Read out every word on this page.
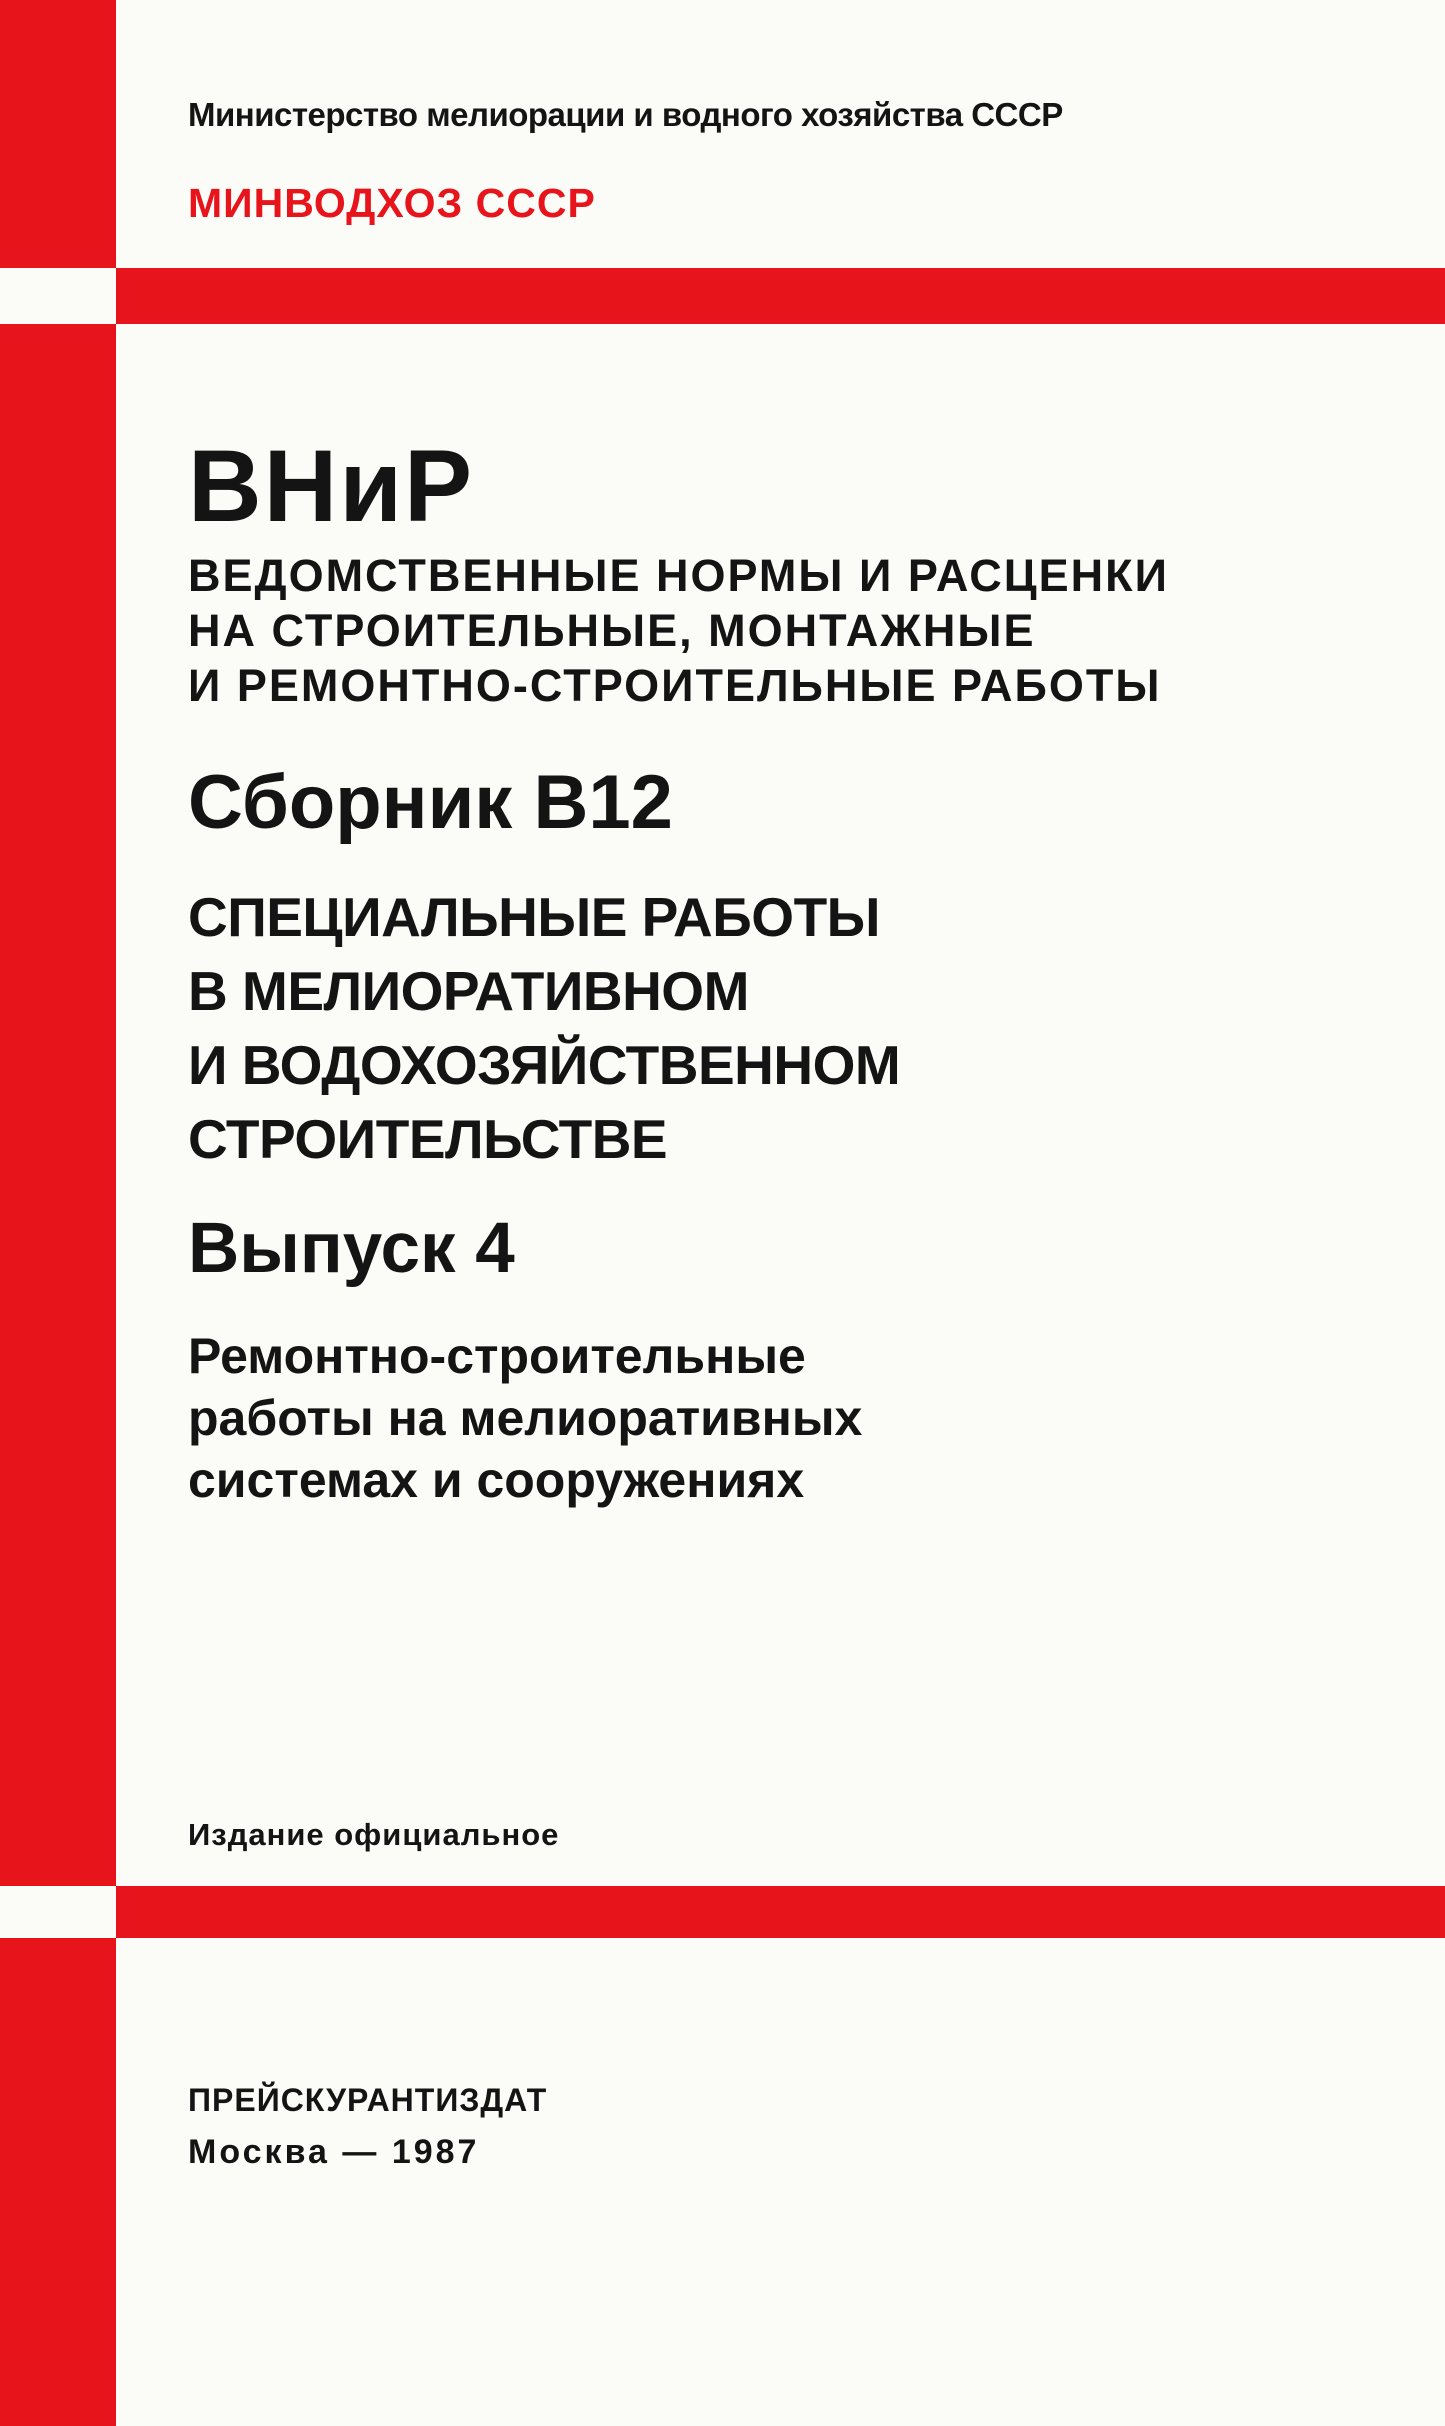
Министерство мелиорации и водного хозяйства СССР

МИНВОДХОЗ СССР

ВНиР
ВЕДОМСТВЕННЫЕ НОРМЫ И РАСЦЕНКИ
НА СТРОИТЕЛЬНЫЕ, МОНТАЖНЫЕ
И РЕМОНТНО-СТРОИТЕЛЬНЫЕ РАБОТЫ
Сборник В12
СПЕЦИАЛЬНЫЕ РАБОТЫ
В МЕЛИОРАТИВНОМ
И ВОДОХОЗЯЙСТВЕННОМ
СТРОИТЕЛЬСТВЕ
Выпуск 4
Ремонтно-строительные
работы на мелиоративных
системах и сооружениях

Издание официальное

ПРЕЙСКУРАНТИЗДАТ

Москва — 1987
